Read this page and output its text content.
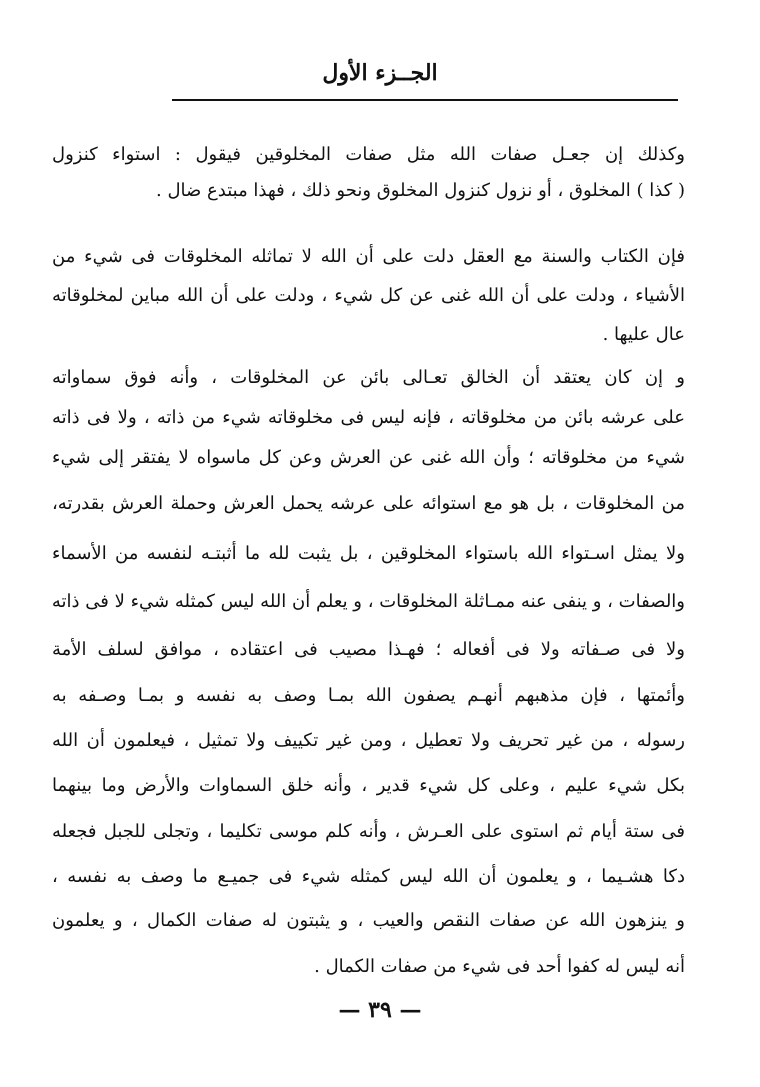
الجــزء الأول
وكذلك إن جعـل صفات الله مثل صفات المخلوقين فيقول : استواء كنزول
( كذا ) المخلوق ، أو نزول كنزول المخلوق ونحو ذلك ، فهذا مبتدع ضال .
فإن الكتاب والسنة مع العقل دلت على أن الله لا تماثله المخلوقات فى شيء من
الأشياء ، ودلت على أن الله غنى عن كل شيء ، ودلت على أن الله مباين لمخلوقاته
عال عليها .
و إن كان يعتقد أن الخالق تعـالى بائن عن المخلوقات ، وأنه فوق سماواته
على عرشه بائن من مخلوقاته ، فإنه ليس فى مخلوقاته شيء من ذاته ، ولا فى ذاته
شيء من مخلوقاته ؛ وأن الله غنى عن العرش وعن كل ماسواه لا يفتقر إلى شيء
من المخلوقات ، بل هو مع استوائه على عرشه يحمل العرش وحملة العرش بقدرته،
ولا يمثل اسـتواء الله باستواء المخلوقين ، بل يثبت لله ما أثبتـه لنفسه من الأسماء
والصفات ، و ينفى عنه ممـاثلة المخلوقات ، و يعلم أن الله ليس كمثله شيء لا فى ذاته
ولا فى صـفاته ولا فى أفعاله ؛ فهـذا مصيب فى اعتقاده ، موافق لسلف الأمة
وأئمتها ، فإن مذهبهم أنهـم يصفون الله بمـا وصف به نفسه و بمـا وصـفه به
رسوله ، من غير تحريف ولا تعطيل ، ومن غير تكييف ولا تمثيل ، فيعلمون أن الله
بكل شيء عليم ، وعلى كل شيء قدير ، وأنه خلق السماوات والأرض وما بينهما
فى ستة أيام ثم استوى على العـرش ، وأنه كلم موسى تكليما ، وتجلى للجبل فجعله
دكا هشـيما ، و يعلمون أن الله ليس كمثله شيء فى جميـع ما وصف به نفسه ،
و ينزهون الله عن صفات النقص والعيب ، و يثبتون له صفات الكمال ، و يعلمون
أنه ليس له كفوا أحد فى شيء من صفات الكمال .
— ٣٩ —
